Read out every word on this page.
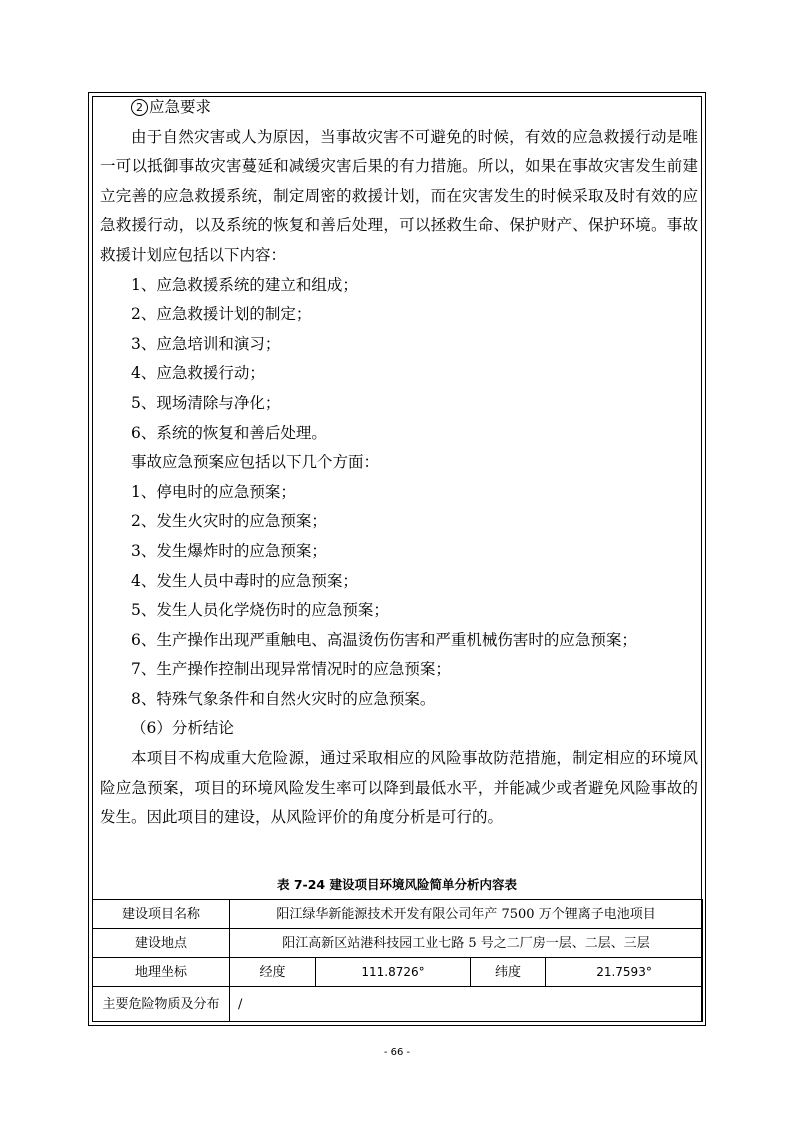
2 应急要求
由于自然灾害或人为原因，当事故灾害不可避免的时候，有效的应急救援行动是唯
一可以抵御事故灾害蔓延和减缓灾害后果的有力措施。所以，如果在事故灾害发生前建
立完善的应急救援系统，制定周密的救援计划，而在灾害发生的时候采取及时有效的应
急救援行动，以及系统的恢复和善后处理，可以拯救生命、保护财产、保护环境。事故
救援计划应包括以下内容：
1、应急救援系统的建立和组成；
2、应急救援计划的制定；
3、应急培训和演习；
4、应急救援行动；
5、现场清除与净化；
6、系统的恢复和善后处理。
事故应急预案应包括以下几个方面：
1、停电时的应急预案；
2、发生火灾时的应急预案；
3、发生爆炸时的应急预案；
4、发生人员中毒时的应急预案；
5、发生人员化学烧伤时的应急预案；
6、生产操作出现严重触电、高温烫伤伤害和严重机械伤害时的应急预案；
7、生产操作控制出现异常情况时的应急预案；
8、特殊气象条件和自然火灾时的应急预案。
（6）分析结论
本项目不构成重大危险源，通过采取相应的风险事故防范措施，制定相应的环境风
险应急预案，项目的环境风险发生率可以降到最低水平，并能减少或者避免风险事故的
发生。因此项目的建设，从风险评价的角度分析是可行的。
表 7-24 建设项目环境风险简单分析内容表
建设项目名称	阳江绿华新能源技术开发有限公司年产 7500 万个锂离子电池项目			
建设地点	阳江高新区站港科技园工业七路 5 号之二厂房一层、二层、三层			
地理坐标	经度	111.8726°	纬度	21.7593°
主要危险物质及分布	/			
- 66 -
